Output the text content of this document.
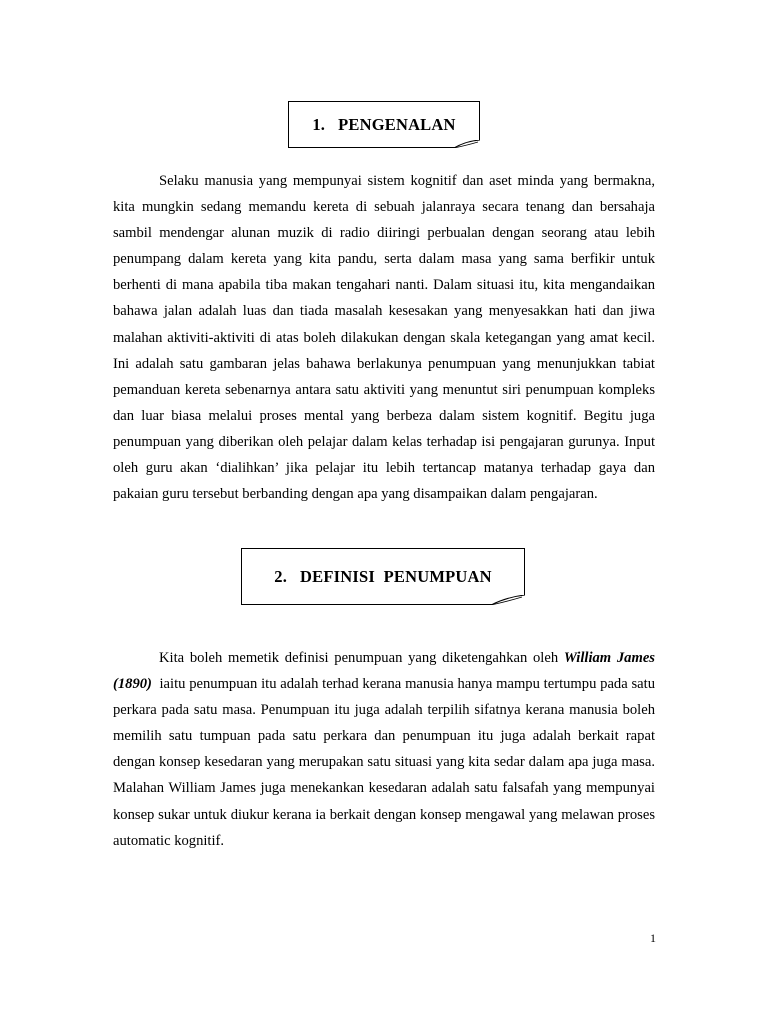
1.   PENGENALAN

Selaku manusia yang mempunyai sistem kognitif dan aset minda yang bermakna, kita mungkin sedang memandu kereta di sebuah jalanraya secara tenang dan bersahaja sambil mendengar alunan muzik di radio diiringi perbualan dengan seorang atau lebih penumpang dalam kereta yang kita pandu, serta dalam masa yang sama berfikir untuk berhenti di mana apabila tiba makan tengahari nanti. Dalam situasi itu, kita mengandaikan bahawa jalan adalah luas dan tiada masalah kesesakan yang menyesakkan hati dan jiwa malahan aktiviti-aktiviti di atas boleh dilakukan dengan skala ketegangan yang amat kecil. Ini adalah satu gambaran jelas bahawa berlakunya penumpuan yang menunjukkan tabiat pemanduan kereta sebenarnya antara satu aktiviti yang menuntut siri penumpuan kompleks dan luar biasa melalui proses mental yang berbeza dalam sistem kognitif. Begitu juga penumpuan yang diberikan oleh pelajar dalam kelas terhadap isi pengajaran gurunya. Input oleh guru akan ‘dialihkan’ jika pelajar itu lebih tertancap matanya terhadap gaya dan pakaian guru tersebut berbanding dengan apa yang disampaikan dalam pengajaran.

2.   DEFINISI  PENUMPUAN

Kita boleh memetik definisi penumpuan yang diketengahkan oleh William James (1890)  iaitu penumpuan itu adalah terhad kerana manusia hanya mampu tertumpu pada satu perkara pada satu masa. Penumpuan itu juga adalah terpilih sifatnya kerana manusia boleh memilih satu tumpuan pada satu perkara dan penumpuan itu juga adalah berkait rapat dengan konsep kesedaran yang merupakan satu situasi yang kita sedar dalam apa juga masa. Malahan William James juga menekankan kesedaran adalah satu falsafah yang mempunyai konsep sukar untuk diukur kerana ia berkait dengan konsep mengawal yang melawan proses automatic kognitif.

1
